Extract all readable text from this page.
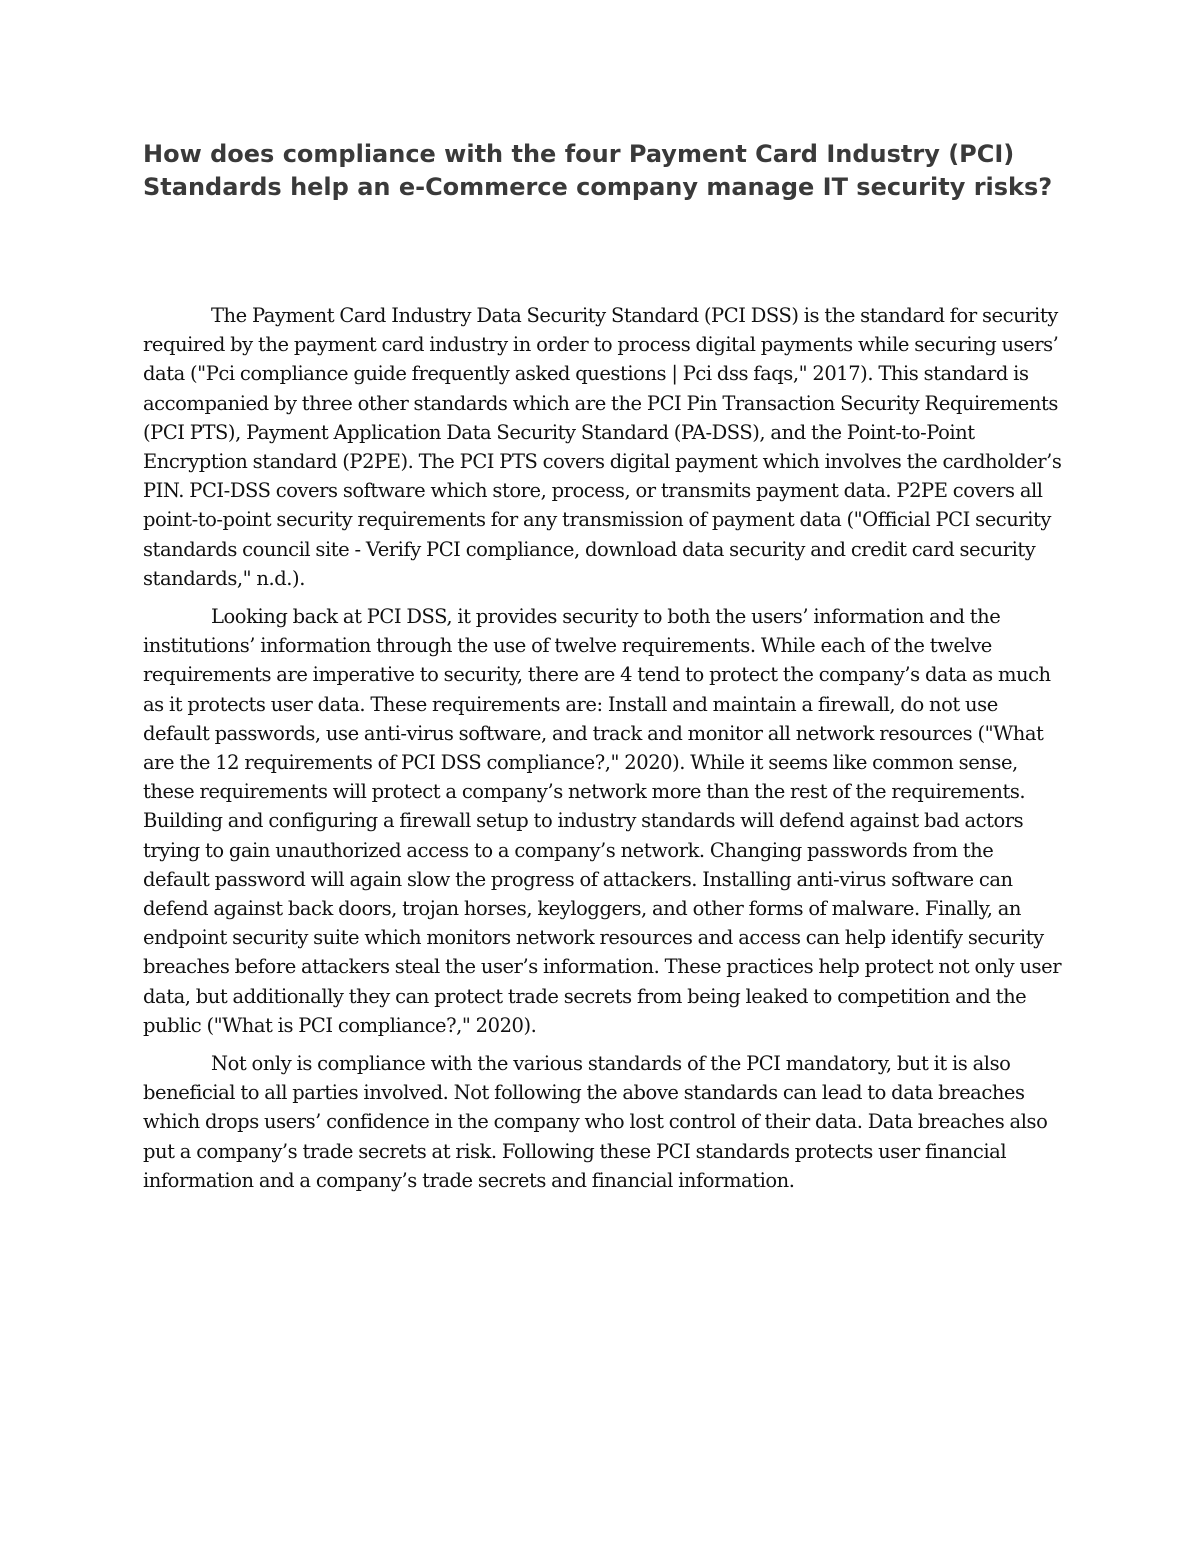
How does compliance with the four Payment Card Industry (PCI) Standards help an e-Commerce company manage IT security risks?

The Payment Card Industry Data Security Standard (PCI DSS) is the standard for security required by the payment card industry in order to process digital payments while securing users’ data ("Pci compliance guide frequently asked questions | Pci dss faqs," 2017). This standard is accompanied by three other standards which are the PCI Pin Transaction Security Requirements (PCI PTS), Payment Application Data Security Standard (PA-DSS), and the Point-to-Point Encryption standard (P2PE). The PCI PTS covers digital payment which involves the cardholder’s PIN. PCI-DSS covers software which store, process, or transmits payment data. P2PE covers all point-to-point security requirements for any transmission of payment data ("Official PCI security standards council site - Verify PCI compliance, download data security and credit card security standards," n.d.).

Looking back at PCI DSS, it provides security to both the users’ information and the institutions’ information through the use of twelve requirements. While each of the twelve requirements are imperative to security, there are 4 tend to protect the company’s data as much as it protects user data. These requirements are: Install and maintain a firewall, do not use default passwords, use anti-virus software, and track and monitor all network resources ("What are the 12 requirements of PCI DSS compliance?," 2020). While it seems like common sense, these requirements will protect a company’s network more than the rest of the requirements. Building and configuring a firewall setup to industry standards will defend against bad actors trying to gain unauthorized access to a company’s network. Changing passwords from the default password will again slow the progress of attackers. Installing anti-virus software can defend against back doors, trojan horses, keyloggers, and other forms of malware. Finally, an endpoint security suite which monitors network resources and access can help identify security breaches before attackers steal the user’s information. These practices help protect not only user data, but additionally they can protect trade secrets from being leaked to competition and the public ("What is PCI compliance?," 2020).

Not only is compliance with the various standards of the PCI mandatory, but it is also beneficial to all parties involved. Not following the above standards can lead to data breaches which drops users’ confidence in the company who lost control of their data. Data breaches also put a company’s trade secrets at risk. Following these PCI standards protects user financial information and a company’s trade secrets and financial information.
